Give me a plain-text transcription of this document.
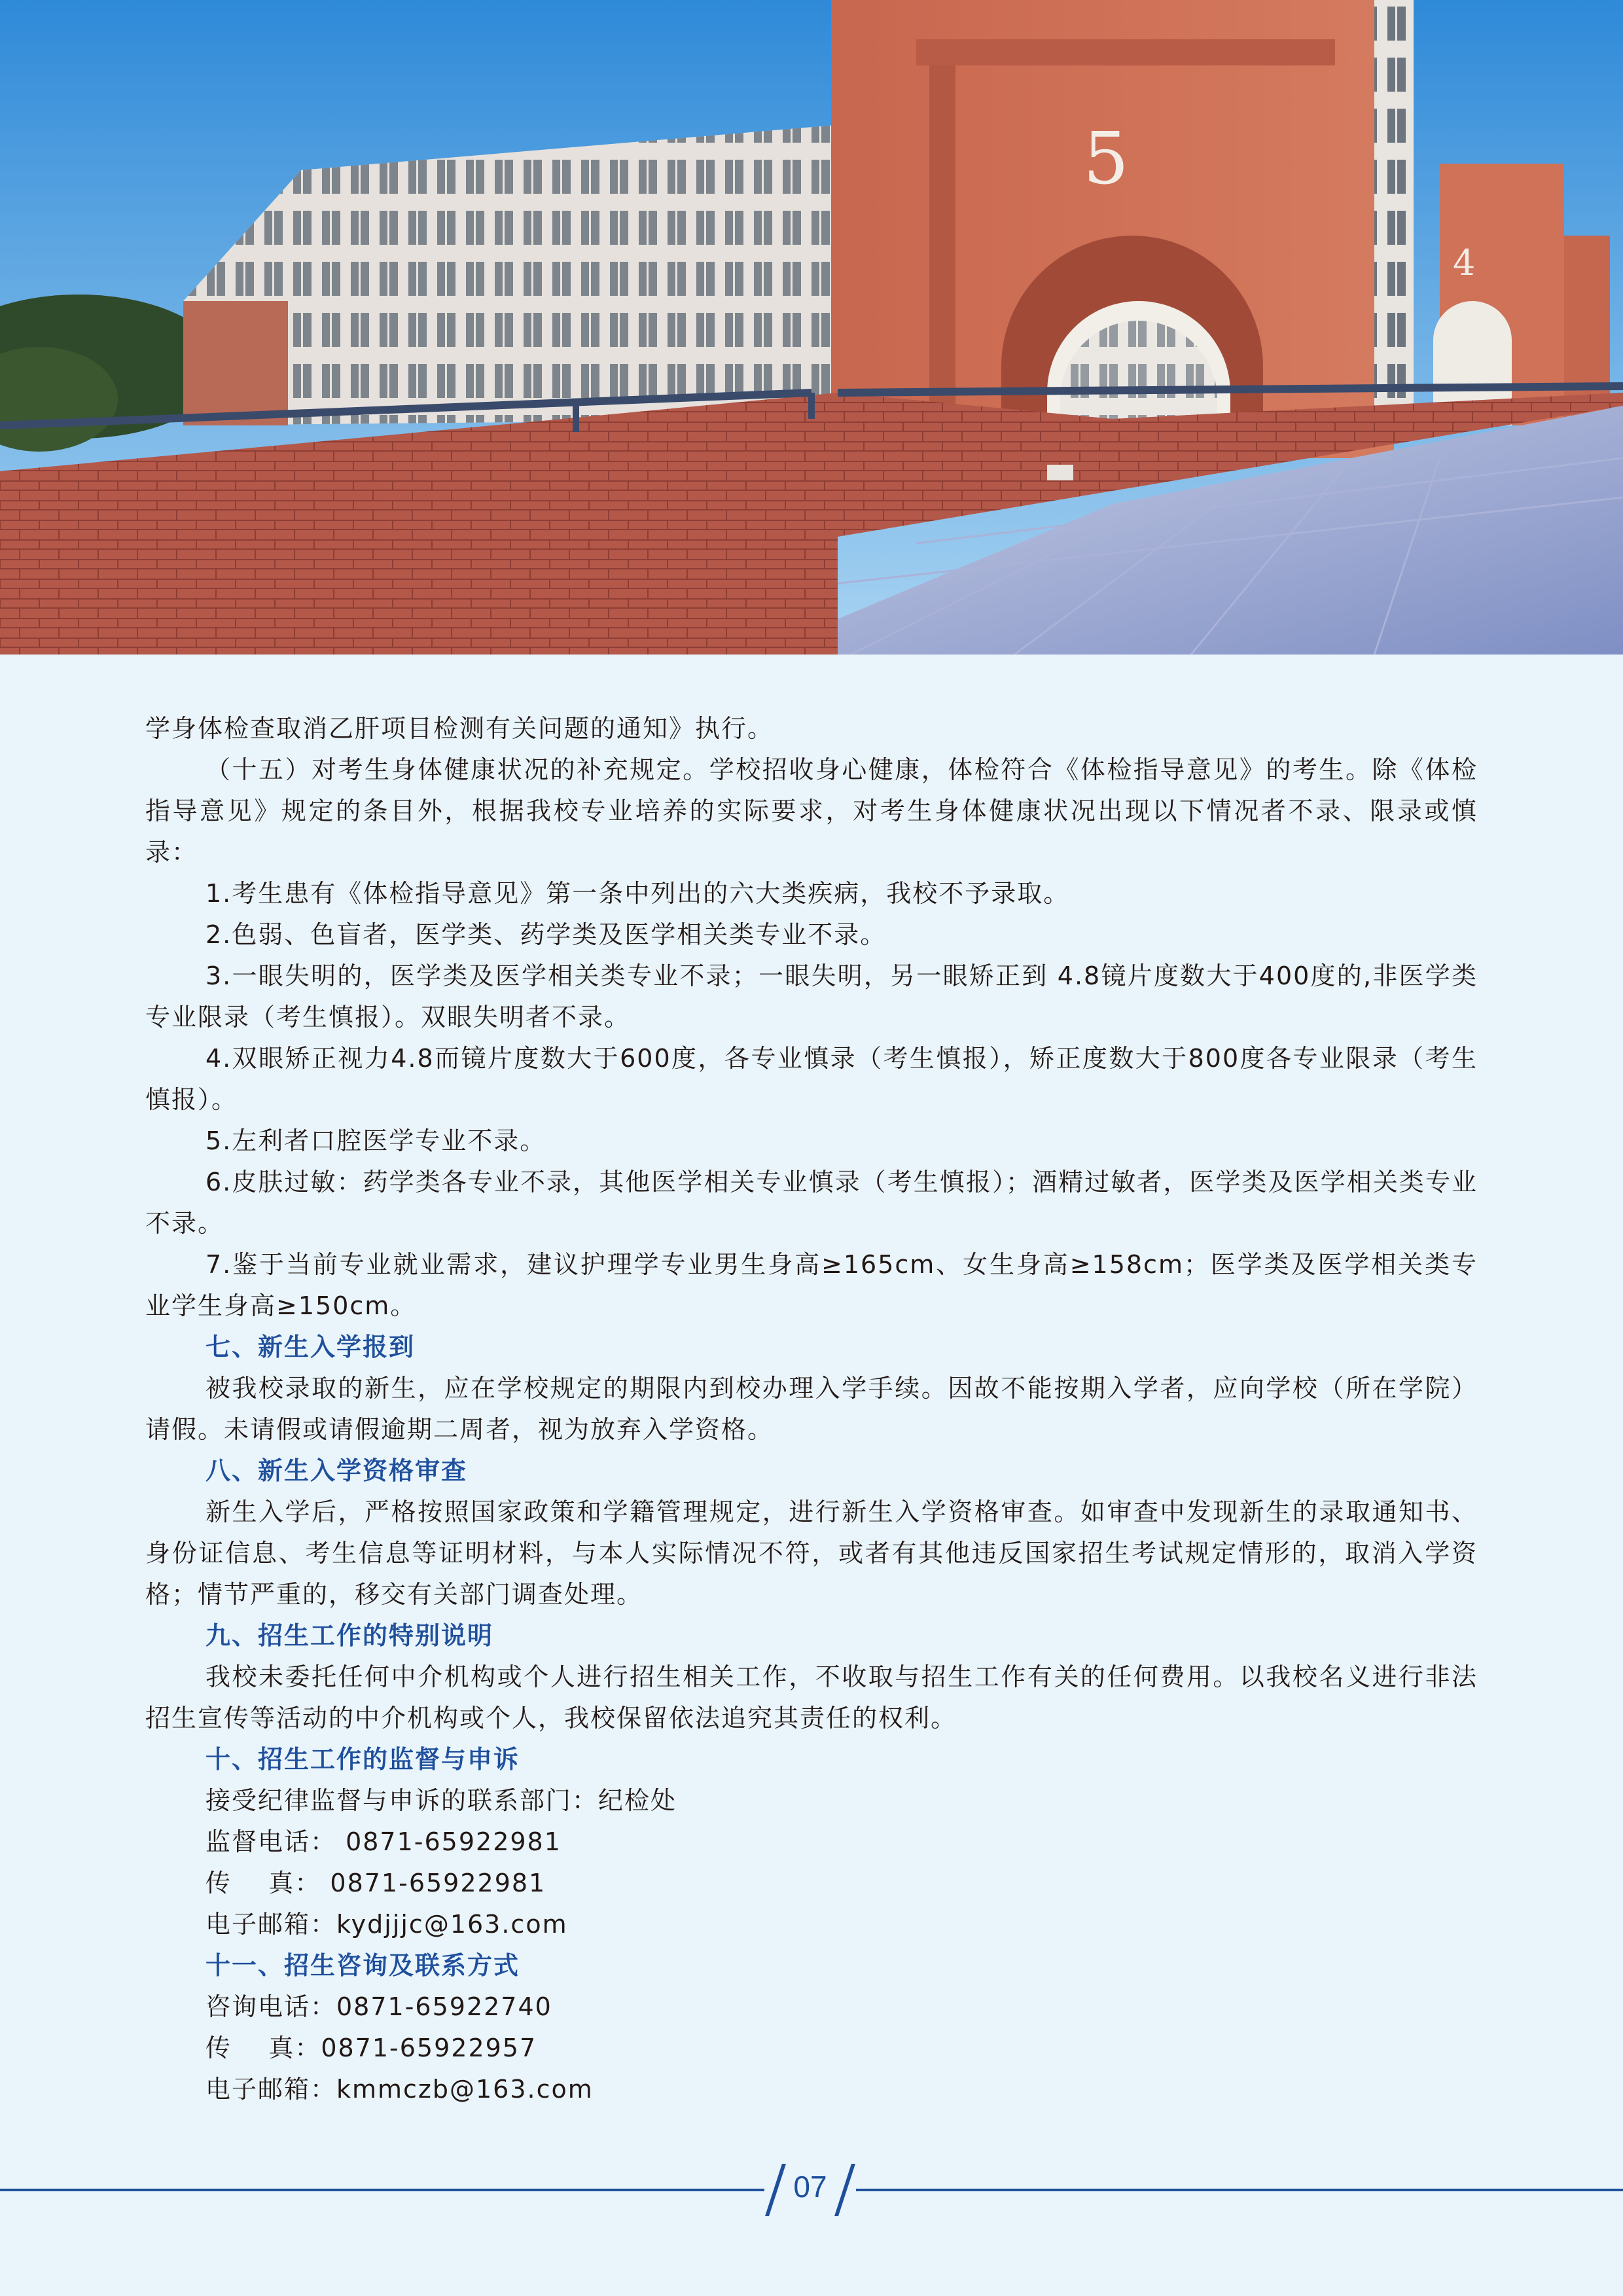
5
4

学身体检查取消乙肝项目检测有关问题的通知》执行。

（十五）对考生身体健康状况的补充规定。学校招收身心健康，体检符合《体检指导意见》的考生。除《体检指导意见》规定的条目外，根据我校专业培养的实际要求，对考生身体健康状况出现以下情况者不录、限录或慎录：

1.考生患有《体检指导意见》第一条中列出的六大类疾病，我校不予录取。

2.色弱、色盲者，医学类、药学类及医学相关类专业不录。

3.一眼失明的，医学类及医学相关类专业不录；一眼失明，另一眼矫正到 4.8镜片度数大于400度的,非医学类专业限录（考生慎报）。双眼失明者不录。

4.双眼矫正视力4.8而镜片度数大于600度，各专业慎录（考生慎报），矫正度数大于800度各专业限录（考生慎报）。

5.左利者口腔医学专业不录。

6.皮肤过敏：药学类各专业不录，其他医学相关专业慎录（考生慎报）；酒精过敏者，医学类及医学相关类专业不录。

7.鉴于当前专业就业需求，建议护理学专业男生身高≥165cm、女生身高≥158cm；医学类及医学相关类专业学生身高≥150cm。

七、新生入学报到

被我校录取的新生，应在学校规定的期限内到校办理入学手续。因故不能按期入学者，应向学校（所在学院）请假。未请假或请假逾期二周者，视为放弃入学资格。

八、新生入学资格审查

新生入学后，严格按照国家政策和学籍管理规定，进行新生入学资格审查。如审查中发现新生的录取通知书、身份证信息、考生信息等证明材料，与本人实际情况不符，或者有其他违反国家招生考试规定情形的，取消入学资格；情节严重的，移交有关部门调查处理。

九、招生工作的特别说明

我校未委托任何中介机构或个人进行招生相关工作，不收取与招生工作有关的任何费用。以我校名义进行非法招生宣传等活动的中介机构或个人，我校保留依法追究其责任的权利。

十、招生工作的监督与申诉

接受纪律监督与申诉的联系部门：纪检处

监督电话： 0871-65922981

传    真： 0871-65922981

电子邮箱：kydjjjc@163.com

十一、招生咨询及联系方式

咨询电话：0871-65922740

传    真：0871-65922957

电子邮箱：kmmczb@163.com

07
